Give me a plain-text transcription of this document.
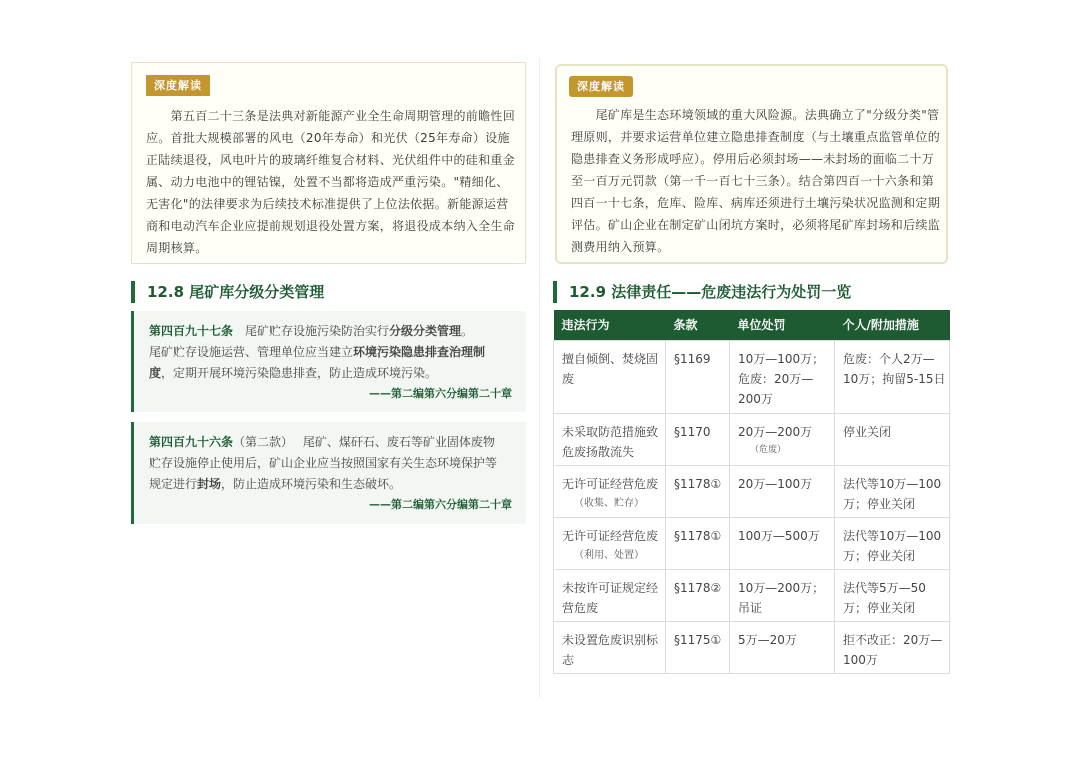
深度解读
　　第五百二十三条是法典对新能源产业全生命周期管理的前瞻性回
应。首批大规模部署的风电（20年寿命）和光伏（25年寿命）设施
正陆续退役，风电叶片的玻璃纤维复合材料、光伏组件中的硅和重金
属、动力电池中的锂钴镍，处置不当都将造成严重污染。"精细化、
无害化"的法律要求为后续技术标准提供了上位法依据。新能源运营
商和电动汽车企业应提前规划退役处置方案，将退役成本纳入全生命
周期核算。
深度解读
　　尾矿库是生态环境领域的重大风险源。法典确立了"分级分类"管
理原则，并要求运营单位建立隐患排查制度（与土壤重点监管单位的
隐患排查义务形成呼应）。停用后必须封场——未封场的面临二十万
至一百万元罚款（第一千一百七十三条）。结合第四百一十六条和第
四百一十七条，危库、险库、病库还须进行土壤污染状况监测和定期
评估。矿山企业在制定矿山闭坑方案时，必须将尾矿库封场和后续监
测费用纳入预算。
12.8 尾矿库分级分类管理
第四百九十七条　尾矿贮存设施污染防治实行分级分类管理。
尾矿贮存设施运营、管理单位应当建立环境污染隐患排查治理制
度，定期开展环境污染隐患排查，防止造成环境污染。
——第二编第六分编第二十章
第四百九十六条（第二款）　 尾矿、煤矸石、废石等矿业固体废物
贮存设施停止使用后，矿山企业应当按照国家有关生态环境保护等
规定进行封场，防止造成环境污染和生态破坏。
——第二编第六分编第二十章
12.9 法律责任——危废违法行为处罚一览
违法行为	条款	单位处罚	个人/附加措施

擅自倾倒、焚烧固
废	§1169	10万—100万；
危废：20万—
200万	危废：个人2万—
10万；拘留5-15日

未采取防范措施致
危废扬散流失	§1170	20万—200万
（危废）	停业关闭

无许可证经营危废
（收集、贮存）	§1178①	20万—100万	法代等10万—100
万；停业关闭

无许可证经营危废
（利用、处置）	§1178①	100万—500万	法代等10万—100
万；停业关闭

未按许可证规定经
营危废	§1178②	10万—200万；
吊证	法代等5万—50
万；停业关闭

未设置危废识别标
志	§1175①	5万—20万	拒不改正：20万—
100万
